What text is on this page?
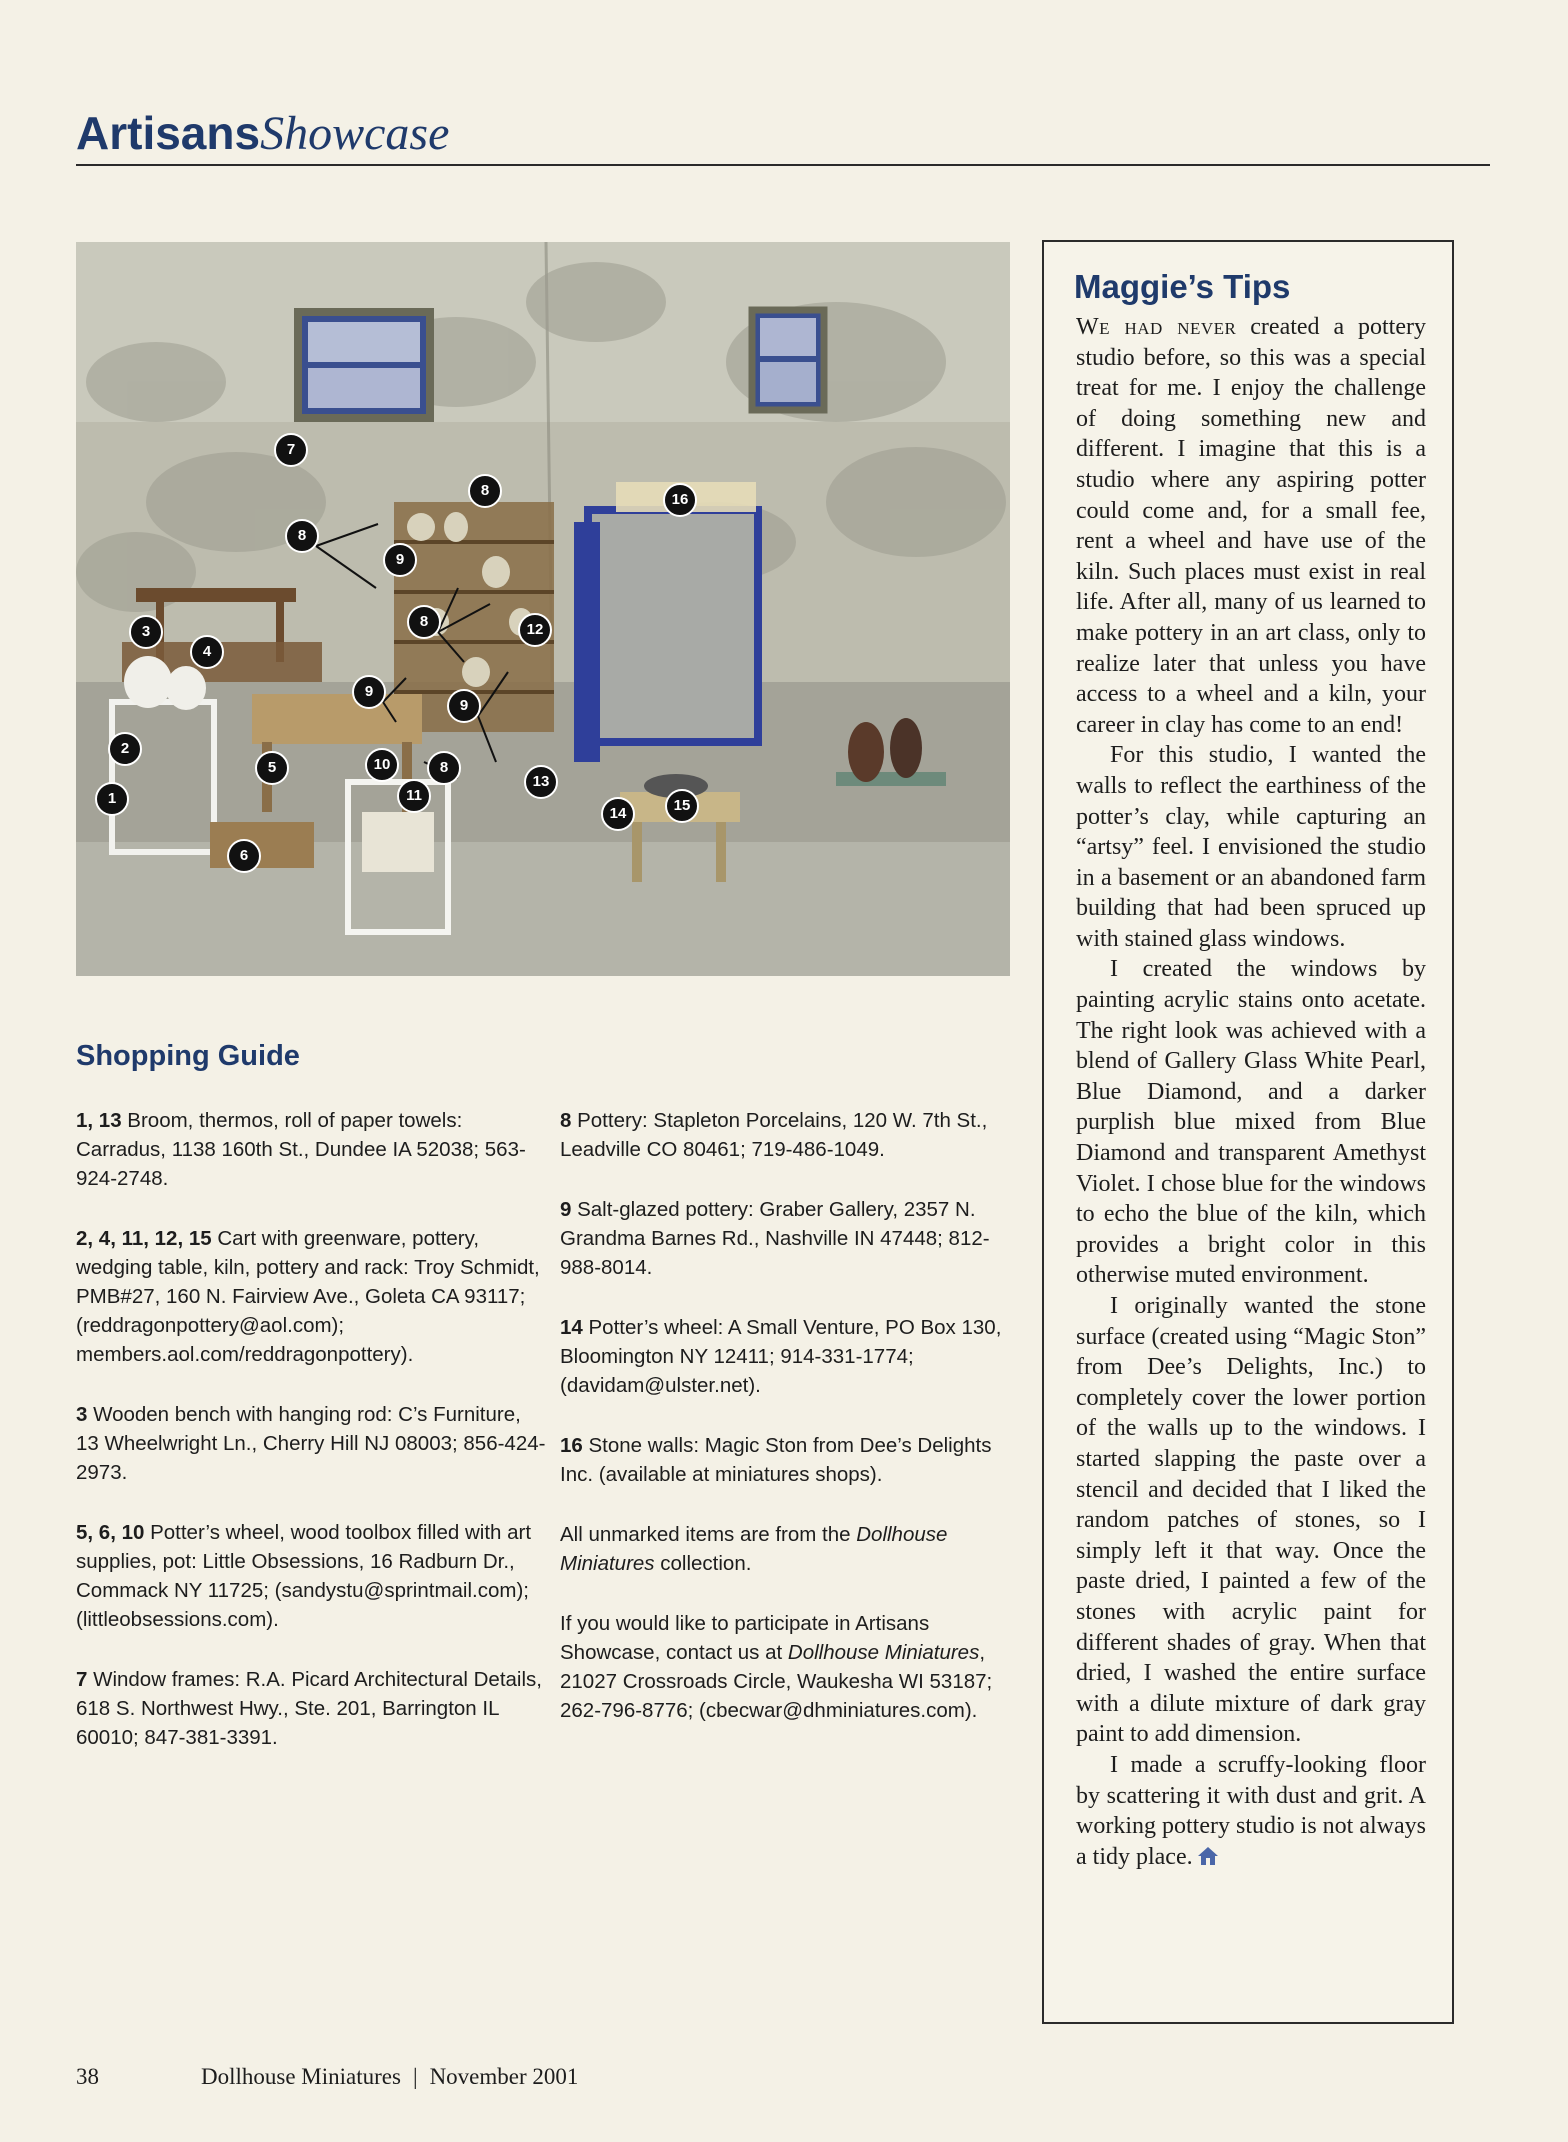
ArtisansShowcase
1
2
3
4
5
6
7
8
8
8
8
9
9
9
10
11
12
13
14	15
16
Maggie’s Tips

We had never created a pottery studio before, so this was a special treat for me. I enjoy the challenge of doing something new and different. I imagine that this is a studio where any aspiring potter could come and, for a small fee, rent a wheel and have use of the kiln. Such places must exist in real life. After all, many of us learned to make pottery in an art class, only to realize later that unless you have access to a wheel and a kiln, your career in clay has come to an end!

For this studio, I wanted the walls to reflect the earthiness of the potter’s clay, while capturing an “artsy” feel. I envisioned the studio in a basement or an abandoned farm building that had been spruced up with stained glass windows.

I created the windows by painting acrylic stains onto acetate. The right look was achieved with a blend of Gallery Glass White Pearl, Blue Diamond, and a darker purplish blue mixed from Blue Diamond and transparent Amethyst Violet. I chose blue for the windows to echo the blue of the kiln, which provides a bright color in this otherwise muted environment.

I originally wanted the stone surface (created using “Magic Ston” from Dee’s Delights, Inc.) to completely cover the lower portion of the walls up to the windows. I started slapping the paste over a stencil and decided that I liked the random patches of stones, so I simply left it that way. Once the paste dried, I painted a few of the stones with acrylic paint for different shades of gray. When that dried, I washed the entire surface with a dilute mixture of dark gray paint to add dimension.

I made a scruffy-looking floor by scattering it with dust and grit. A working pottery studio is not always a tidy place.

Shopping Guide

1, 13 Broom, thermos, roll of paper towels: Carradus, 1138 160th St., Dundee IA 52038; 563-924-2748.

2, 4, 11, 12, 15 Cart with greenware, pottery, wedging table, kiln, pottery and rack: Troy Schmidt, PMB#27, 160 N. Fairview Ave., Goleta CA 93117; (reddragonpottery@aol.com); members.aol.com/reddragonpottery).

3 Wooden bench with hanging rod: C’s Furniture, 13 Wheelwright Ln., Cherry Hill NJ 08003; 856-424-2973.

5, 6, 10 Potter’s wheel, wood toolbox filled with art supplies, pot: Little Obsessions, 16 Radburn Dr., Commack NY 11725; (sandystu@sprintmail.com); (littleobsessions.com).

7 Window frames: R.A. Picard Architectural Details, 618 S. Northwest Hwy., Ste. 201, Barrington IL 60010; 847-381-3391.

8 Pottery: Stapleton Porcelains, 120 W. 7th St., Leadville CO 80461; 719-486-1049.

9 Salt-glazed pottery: Graber Gallery, 2357 N. Grandma Barnes Rd., Nashville IN 47448; 812-988-8014.

14 Potter’s wheel: A Small Venture, PO Box 130, Bloomington NY 12411; 914-331-1774; (davidam@ulster.net).

16 Stone walls: Magic Ston from Dee’s Delights Inc. (available at miniatures shops).

All unmarked items are from the Dollhouse Miniatures collection.

If you would like to participate in Artisans Showcase, contact us at Dollhouse Miniatures, 21027 Crossroads Circle, Waukesha WI 53187; 262-796-8776; (cbecwar@dhminiatures.com).

38	Dollhouse Miniatures | November 2001
